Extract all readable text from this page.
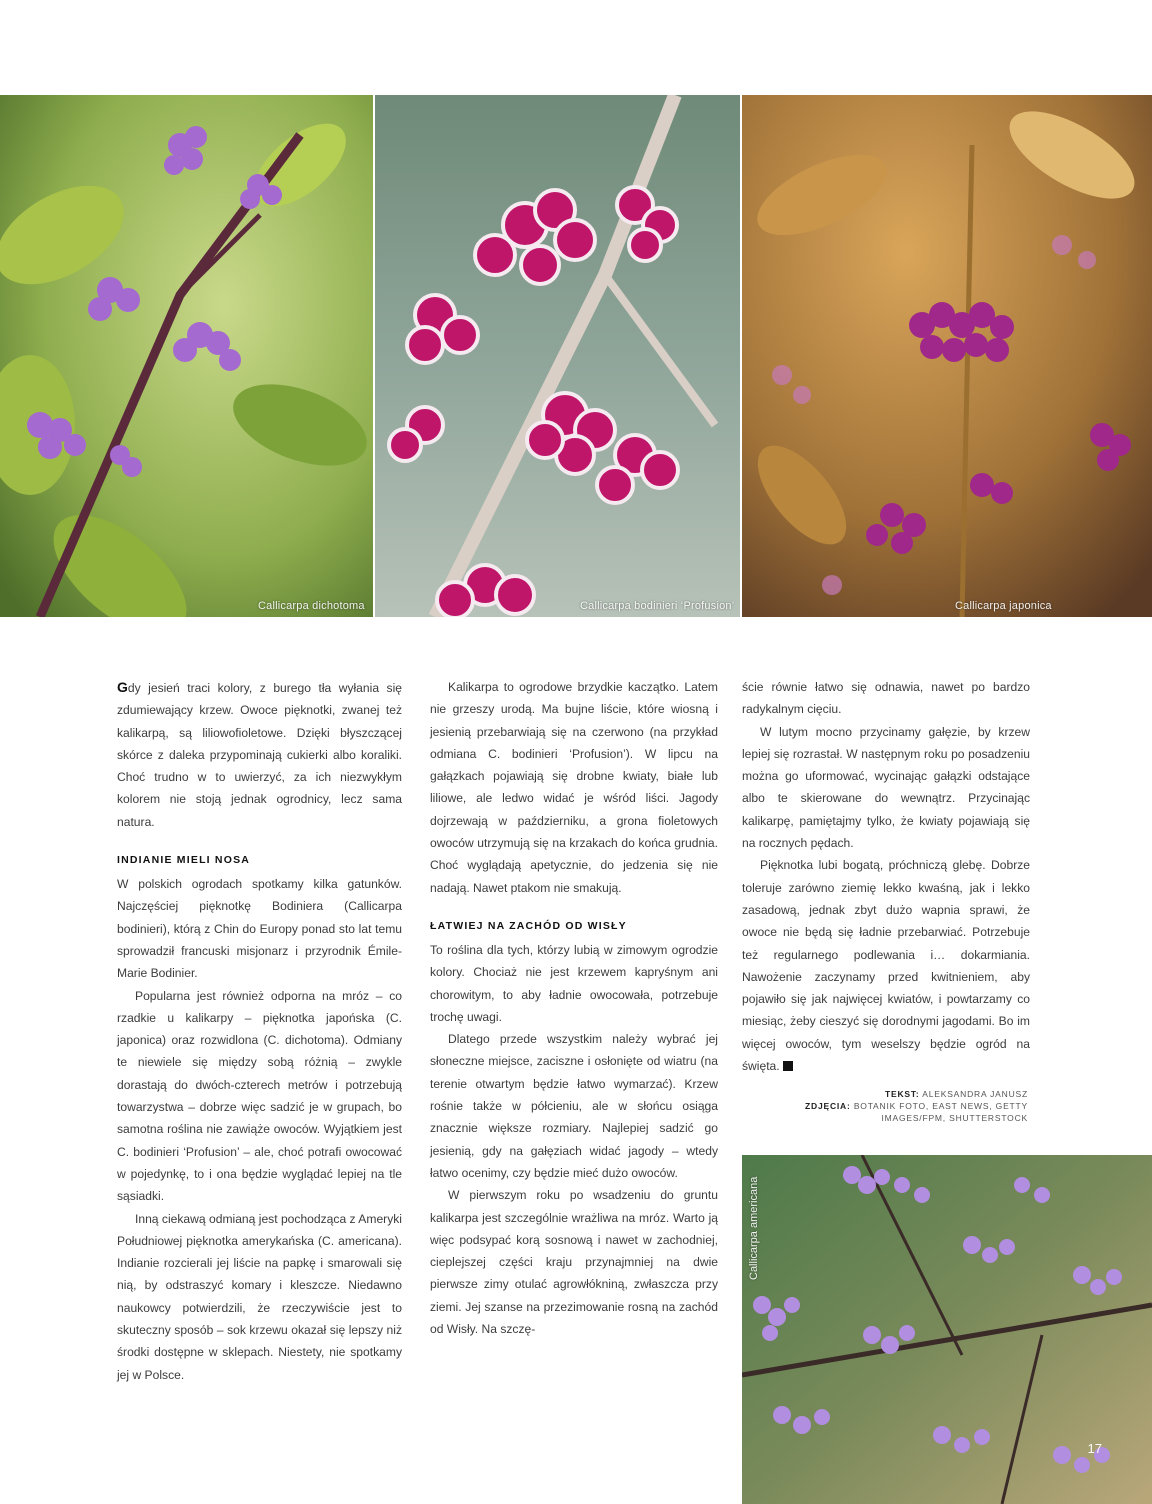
Callicarpa dichotoma	Callicarpa bodinieri ‘Profusion’	Callicarpa japonica

Gdy jesień traci kolory, z burego tła wyłania się zdumiewający krzew. Owoce pięknotki, zwanej też kalikarpą, są liliowofioletowe. Dzięki błyszczącej skórce z daleka przypominają cukierki albo koraliki. Choć trudno w to uwierzyć, za ich niezwykłym kolorem nie stoją jednak ogrodnicy, lecz sama natura.

INDIANIE MIELI NOSA

W polskich ogrodach spotkamy kilka gatunków. Najczęściej pięknotkę Bodiniera (Callicarpa bodinieri), którą z Chin do Europy ponad sto lat temu sprowadził francuski misjonarz i przyrodnik Émile-Marie Bodinier.

Popularna jest również odporna na mróz – co rzadkie u kalikarpy – pięknotka japońska (C. japonica) oraz rozwidlona (C. dichotoma). Odmiany te niewiele się między sobą różnią – zwykle dorastają do dwóch-czterech metrów i potrzebują towarzystwa – dobrze więc sadzić je w grupach, bo samotna roślina nie zawiąże owoców. Wyjątkiem jest C. bodinieri ‘Profusion’ – ale, choć potrafi owocować w pojedynkę, to i ona będzie wyglądać lepiej na tle sąsiadki.

Inną ciekawą odmianą jest pochodząca z Ameryki Południowej pięknotka amerykańska (C. americana). Indianie rozcierali jej liście na papkę i smarowali się nią, by odstraszyć komary i kleszcze. Niedawno naukowcy potwierdzili, że rzeczywiście jest to skuteczny sposób – sok krzewu okazał się lepszy niż środki dostępne w sklepach. Niestety, nie spotkamy jej w Polsce.

Kalikarpa to ogrodowe brzydkie kaczątko. Latem nie grzeszy urodą. Ma bujne liście, które wiosną i jesienią przebarwiają się na czerwono (na przykład odmiana C. bodinieri ‘Profusion’). W lipcu na gałązkach pojawiają się drobne kwiaty, białe lub liliowe, ale ledwo widać je wśród liści. Jagody dojrzewają w październiku, a grona fioletowych owoców utrzymują się na krzakach do końca grudnia. Choć wyglądają apetycznie, do jedzenia się nie nadają. Nawet ptakom nie smakują.

ŁATWIEJ NA ZACHÓD OD WISŁY

To roślina dla tych, którzy lubią w zimowym ogrodzie kolory. Chociaż nie jest krzewem kapryśnym ani chorowitym, to aby ładnie owocowała, potrzebuje trochę uwagi.

Dlatego przede wszystkim należy wybrać jej słoneczne miejsce, zaciszne i osłonięte od wiatru (na terenie otwartym będzie łatwo wymarzać). Krzew rośnie także w półcieniu, ale w słońcu osiąga znacznie większe rozmiary. Najlepiej sadzić go jesienią, gdy na gałęziach widać jagody – wtedy łatwo ocenimy, czy będzie mieć dużo owoców.

W pierwszym roku po wsadzeniu do gruntu kalikarpa jest szczególnie wrażliwa na mróz. Warto ją więc podsypać korą sosnową i nawet w zachodniej, cieplejszej części kraju przynajmniej na dwie pierwsze zimy otulać agrowłókniną, zwłaszcza przy ziemi. Jej szanse na przezimowanie rosną na zachód od Wisły. Na szczę-

ście równie łatwo się odnawia, nawet po bardzo radykalnym cięciu.

W lutym mocno przycinamy gałęzie, by krzew lepiej się rozrastał. W następnym roku po posadzeniu można go uformować, wycinając gałązki odstające albo te skierowane do wewnątrz. Przycinając kalikarpę, pamiętajmy tylko, że kwiaty pojawiają się na rocznych pędach.

Pięknotka lubi bogatą, próchniczą glebę. Dobrze toleruje zarówno ziemię lekko kwaśną, jak i lekko zasadową, jednak zbyt dużo wapnia sprawi, że owoce nie będą się ładnie przebarwiać. Potrzebuje też regularnego podlewania i… dokarmiania. Nawożenie zaczynamy przed kwitnieniem, aby pojawiło się jak najwięcej kwiatów, i powtarzamy co miesiąc, żeby cieszyć się dorodnymi jagodami. Bo im więcej owoców, tym weselszy będzie ogród na święta.

TEKST: ALEKSANDRA JANUSZ
ZDJĘCIA: BOTANIK FOTO, EAST NEWS, GETTY IMAGES/FPM, SHUTTERSTOCK
Callicarpa americana
17
